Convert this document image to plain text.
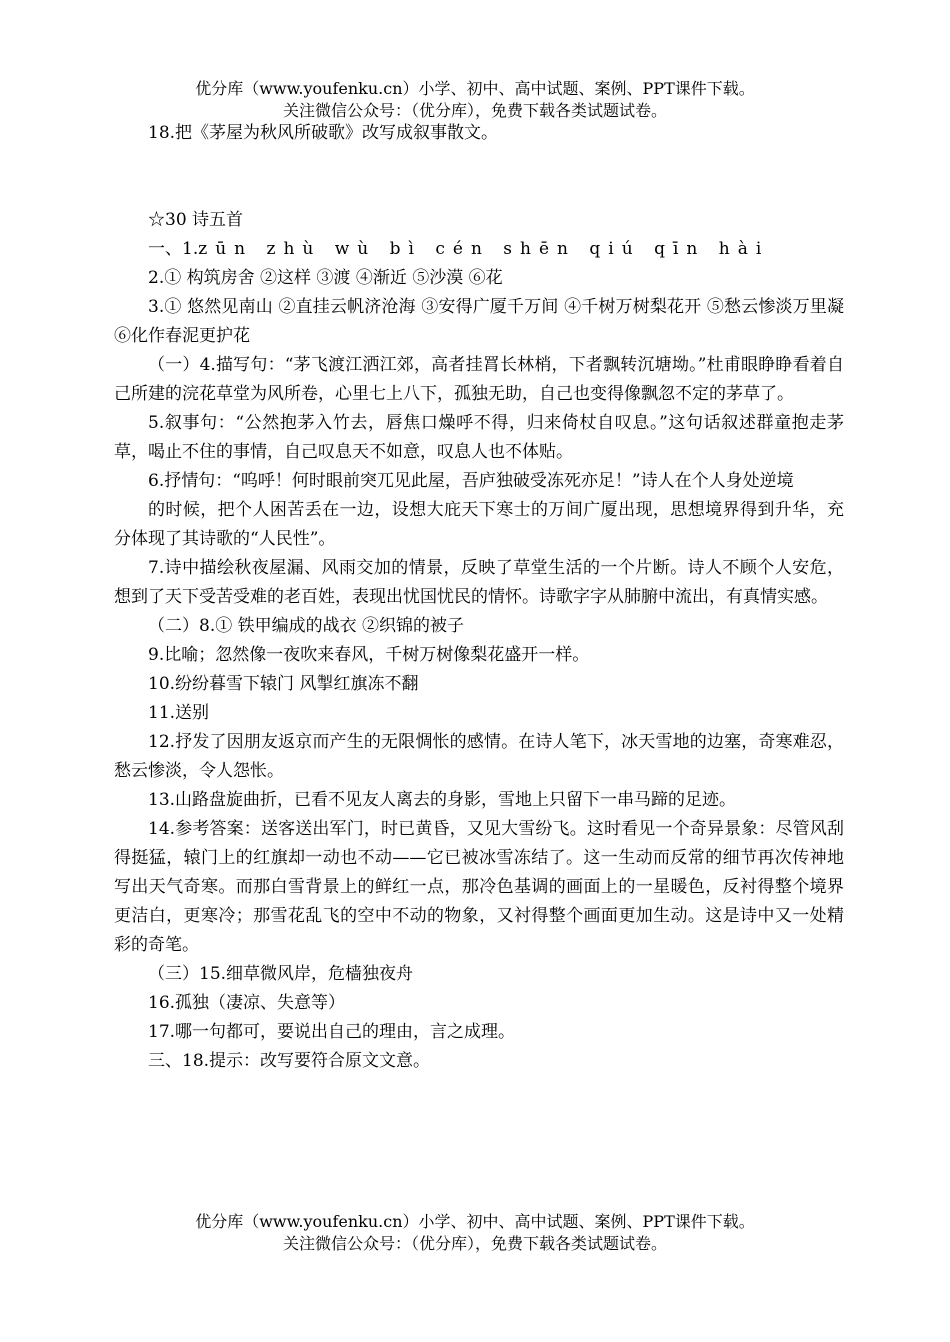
优分库（www.youfenku.cn）小学、初中、高中试题、案例、PPT课件下载。
关注微信公众号：（优分库），免费下载各类试题试卷。

18.把《茅屋为秋风所破歌》改写成叙事散文。

☆30 诗五首

一、1.zūn zhù wù bì cén shēn qiú qīn hài

2.① 构筑房舍 ②这样 ③渡 ④渐近 ⑤沙漠 ⑥花

3.① 悠然见南山 ②直挂云帆济沧海 ③安得广厦千万间 ④千树万树梨花开 ⑤愁云惨淡万里凝 ⑥化作春泥更护花

（一）4.描写句：“茅飞渡江洒江郊，高者挂罥长林梢，下者飘转沉塘坳。”杜甫眼睁睁看着自己所建的浣花草堂为风所卷，心里七上八下，孤独无助，自己也变得像飘忽不定的茅草了。

5.叙事句：“公然抱茅入竹去，唇焦口燥呼不得，归来倚杖自叹息。”这句话叙述群童抱走茅草，喝止不住的事情，自己叹息天不如意，叹息人也不体贴。

6.抒情句：“呜呼！何时眼前突兀见此屋，吾庐独破受冻死亦足！”诗人在个人身处逆境

的时候，把个人困苦丢在一边，设想大庇天下寒士的万间广厦出现，思想境界得到升华，充分体现了其诗歌的“人民性”。

7.诗中描绘秋夜屋漏、风雨交加的情景，反映了草堂生活的一个片断。诗人不顾个人安危，想到了天下受苦受难的老百姓，表现出忧国忧民的情怀。诗歌字字从肺腑中流出，有真情实感。

（二）8.① 铁甲编成的战衣 ②织锦的被子

9.比喻；忽然像一夜吹来春风，千树万树像梨花盛开一样。

10.纷纷暮雪下辕门 风掣红旗冻不翻

11.送别

12.抒发了因朋友返京而产生的无限惆怅的感情。在诗人笔下，冰天雪地的边塞，奇寒难忍，愁云惨淡，令人怨怅。

13.山路盘旋曲折，已看不见友人离去的身影，雪地上只留下一串马蹄的足迹。

14.参考答案：送客送出军门，时已黄昏，又见大雪纷飞。这时看见一个奇异景象：尽管风刮得挺猛，辕门上的红旗却一动也不动——它已被冰雪冻结了。这一生动而反常的细节再次传神地写出天气奇寒。而那白雪背景上的鲜红一点，那冷色基调的画面上的一星暖色，反衬得整个境界更洁白，更寒冷；那雪花乱飞的空中不动的物象，又衬得整个画面更加生动。这是诗中又一处精彩的奇笔。

（三）15.细草微风岸，危樯独夜舟

16.孤独（凄凉、失意等）

17.哪一句都可，要说出自己的理由，言之成理。

三、18.提示：改写要符合原文文意。

优分库（www.youfenku.cn）小学、初中、高中试题、案例、PPT课件下载。
关注微信公众号：（优分库），免费下载各类试题试卷。
